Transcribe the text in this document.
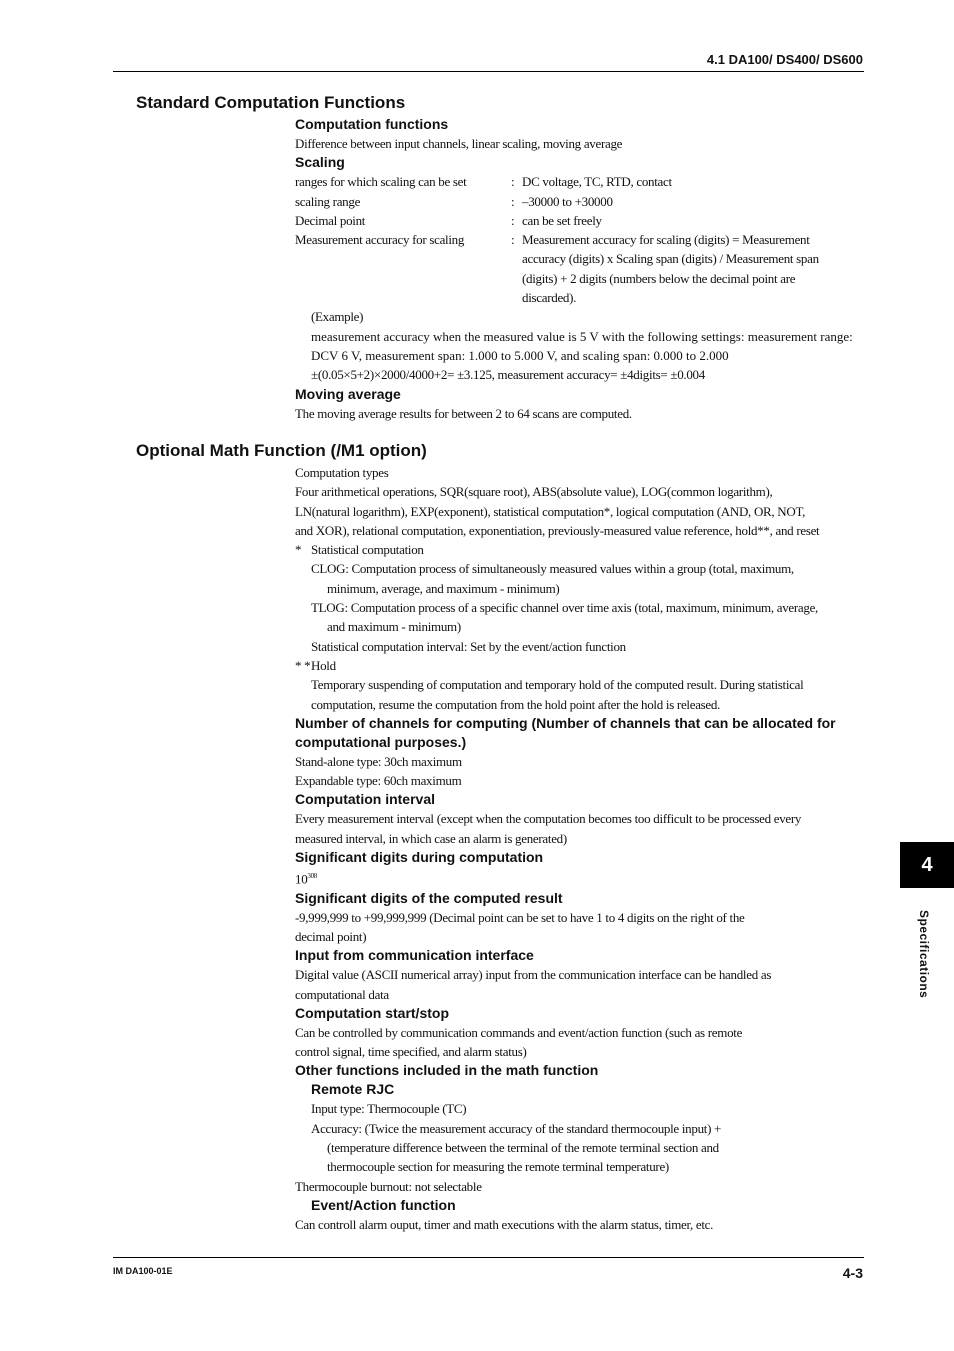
4.1 DA100/ DS400/ DS600
4
Specifications
Standard Computation Functions
Computation functions
Difference between input channels, linear scaling, moving average
Scaling
ranges for which scaling can be set	: DC voltage, TC, RTD, contact
scaling range	: –30000 to +30000
Decimal point	: can be set freely
Measurement accuracy for scaling	: Measurement accuracy for scaling (digits) = Measurement accuracy (digits) x Scaling span (digits) / Measurement span (digits) + 2 digits (numbers below the decimal point are discarded).
(Example)
measurement accuracy when the measured value is 5 V with the following settings: measurement range: DCV 6 V, measurement span: 1.000 to 5.000 V, and scaling span: 0.000 to 2.000
±(0.05×5+2)×2000/4000+2= ±3.125, measurement accuracy= ±4digits= ±0.004
Moving average
The moving average results for between 2 to 64 scans are computed.
Optional Math Function (/M1 option)
Computation types
Four arithmetical operations, SQR(square root), ABS(absolute value), LOG(common logarithm), LN(natural logarithm), EXP(exponent), statistical computation*, logical computation (AND, OR, NOT, and XOR), relational computation, exponentiation, previously-measured value reference, hold**, and reset
* Statistical computation
CLOG: Computation process of simultaneously measured values within a group (total, maximum, minimum, average, and maximum - minimum)
TLOG: Computation process of a specific channel over time axis (total, maximum, minimum, average, and maximum - minimum)
Statistical computation interval: Set by the event/action function
* *Hold
Temporary suspending of computation and temporary hold of the computed result. During statistical computation, resume the computation from the hold point after the hold is released.
Number of channels for computing (Number of channels that can be allocated for computational purposes.)
Stand-alone type: 30ch maximum
Expandable type: 60ch maximum
Computation interval
Every measurement interval (except when the computation becomes too difficult to be processed every measured interval, in which case an alarm is generated)
Significant digits during computation
$10^{308}$
Significant digits of the computed result
-9,999,999 to +99,999,999 (Decimal point can be set to have 1 to 4 digits on the right of the decimal point)
Input from communication interface
Digital value (ASCII numerical array) input from the communication interface can be handled as computational data
Computation start/stop
Can be controlled by communication commands and event/action function (such as remote control signal, time specified, and alarm status)
Other functions included in the math function
Remote RJC
Input type: Thermocouple (TC)
Accuracy: (Twice the measurement accuracy of the standard thermocouple input) + (temperature difference between the terminal of the remote terminal section and thermocouple section for measuring the remote terminal temperature)
Thermocouple burnout: not selectable
Event/Action function
Can controll alarm ouput, timer and math executions with the alarm status, timer, etc.
IM DA100-01E	4-3
